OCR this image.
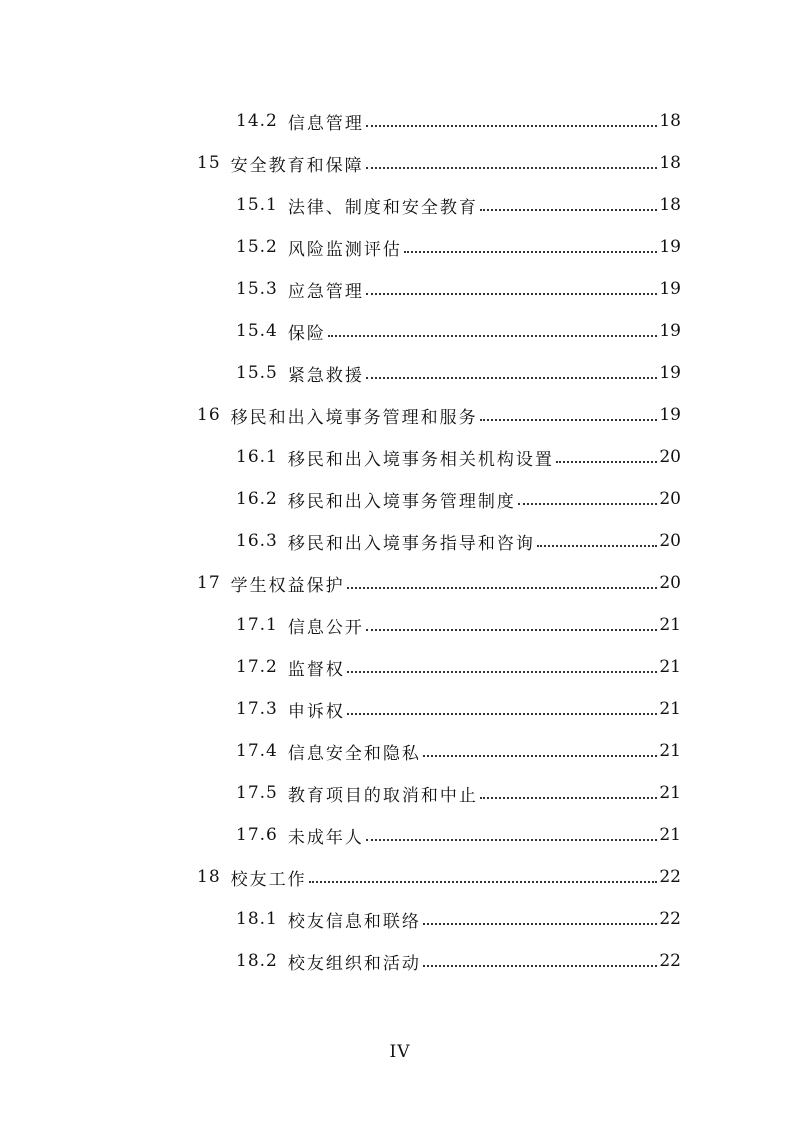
14.2 信息管理	18
15 安全教育和保障	18
15.1 法律、制度和安全教育	18
15.2 风险监测评估	19
15.3 应急管理	19
15.4 保险	19
15.5 紧急救援	19
16 移民和出入境事务管理和服务	19
16.1 移民和出入境事务相关机构设置	20
16.2 移民和出入境事务管理制度	20
16.3 移民和出入境事务指导和咨询	20
17 学生权益保护	20
17.1 信息公开	21
17.2 监督权	21
17.3 申诉权	21
17.4 信息安全和隐私	21
17.5 教育项目的取消和中止	21
17.6 未成年人	21
18 校友工作	22
18.1 校友信息和联络	22
18.2 校友组织和活动	22
IV
